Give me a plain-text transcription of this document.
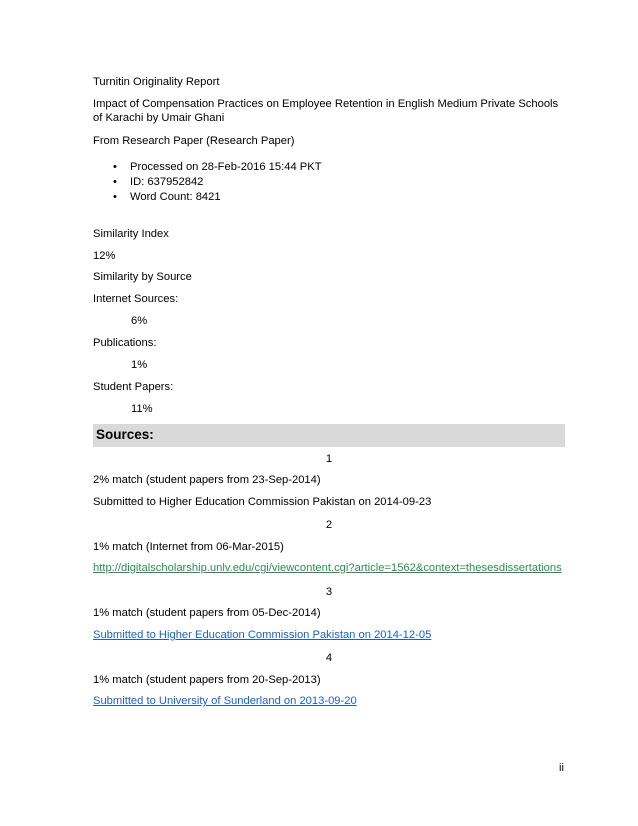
Turnitin Originality Report
Impact of Compensation Practices on Employee Retention in English Medium Private Schools of Karachi by Umair Ghani
From Research Paper (Research Paper)
• Processed on 28-Feb-2016 15:44 PKT
• ID: 637952842
• Word Count: 8421
Similarity Index
12%
Similarity by Source
Internet Sources:
6%
Publications:
1%
Student Papers:
11%
Sources:
1
2% match (student papers from 23-Sep-2014)
Submitted to Higher Education Commission Pakistan on 2014-09-23
2
1% match (Internet from 06-Mar-2015)
http://digitalscholarship.unlv.edu/cgi/viewcontent.cgi?article=1562&context=thesesdissertations
3
1% match (student papers from 05-Dec-2014)
Submitted to Higher Education Commission Pakistan on 2014-12-05
4
1% match (student papers from 20-Sep-2013)
Submitted to University of Sunderland on 2013-09-20
ii
